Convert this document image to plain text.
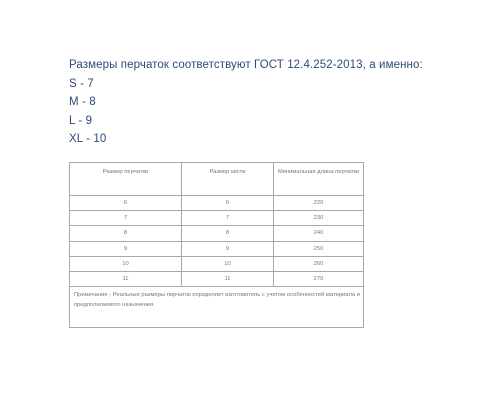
Размеры перчаток соответствуют ГОСТ 12.4.252-2013, а именно:
S - 7
M - 8
L - 9
XL - 10
Размер перчатки	Размер кисти	Минимальная длина перчатки
6	6	220
7	7	230
8	8	240
9	9	250
10	10	260
11	11	270
Примечание - Реальные размеры перчаток определяет изготовитель с учетом особенностей материала и предполагаемого назначения.		
